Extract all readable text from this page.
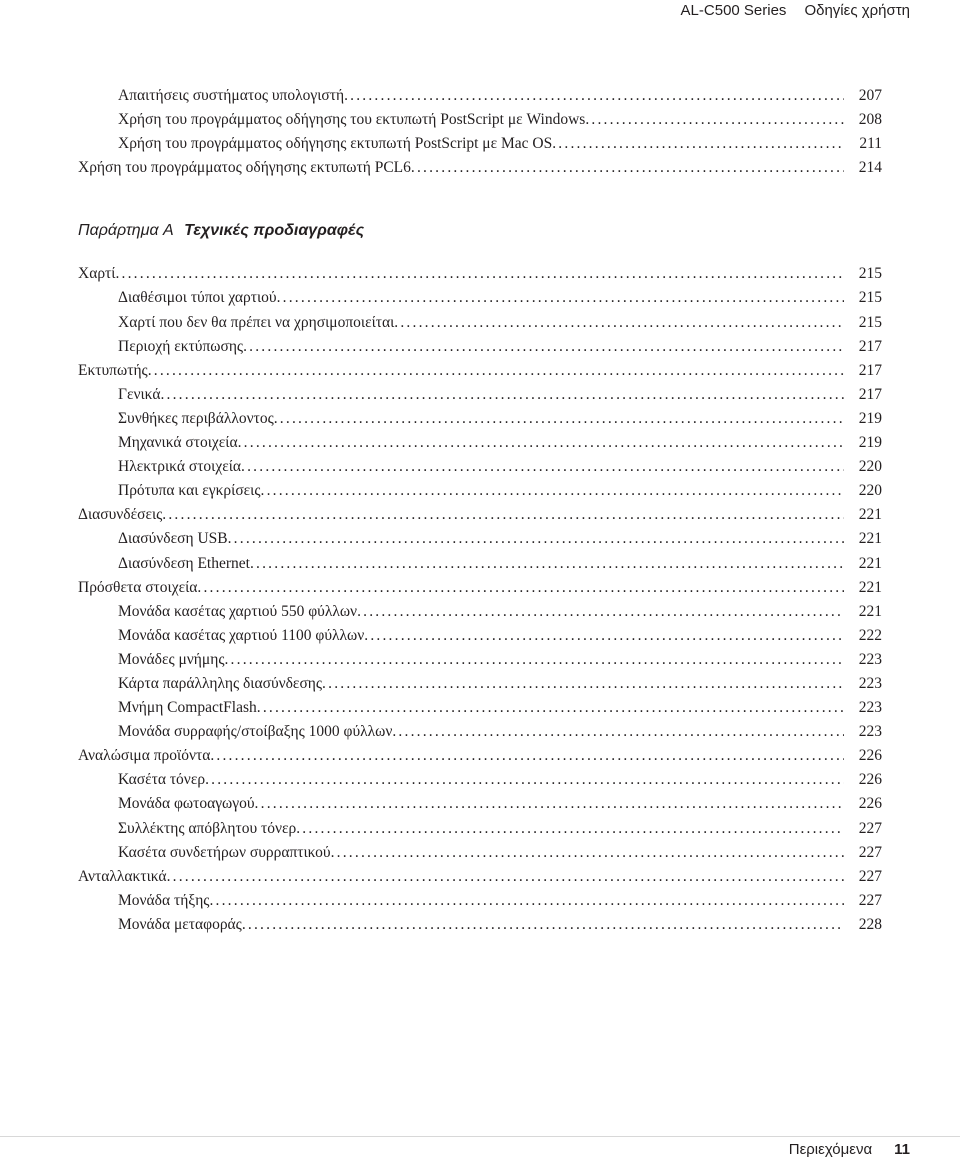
AL-C500 Series Οδηγίες χρήστη
Απαιτήσεις συστήματος υπολογιστή .....	207
Χρήση του προγράμματος οδήγησης του εκτυπωτή PostScript με Windows .....	208
Χρήση του προγράμματος οδήγησης εκτυπωτή PostScript με Mac OS .....	211
Χρήση του προγράμματος οδήγησης εκτυπωτή PCL6 .....	214
Παράρτημα A Τεχνικές προδιαγραφές
Χαρτί .....	215
Διαθέσιμοι τύποι χαρτιού .....	215
Χαρτί που δεν θα πρέπει να χρησιμοποιείται .....	215
Περιοχή εκτύπωσης .....	217
Εκτυπωτής .....	217
Γενικά .....	217
Συνθήκες περιβάλλοντος .....	219
Μηχανικά στοιχεία .....	219
Ηλεκτρικά στοιχεία .....	220
Πρότυπα και εγκρίσεις .....	220
Διασυνδέσεις .....	221
Διασύνδεση USB .....	221
Διασύνδεση Ethernet .....	221
Πρόσθετα στοιχεία .....	221
Μονάδα κασέτας χαρτιού 550 φύλλων .....	221
Μονάδα κασέτας χαρτιού 1100 φύλλων .....	222
Μονάδες μνήμης .....	223
Κάρτα παράλληλης διασύνδεσης .....	223
Μνήμη CompactFlash .....	223
Μονάδα συρραφής/στοίβαξης 1000 φύλλων .....	223
Αναλώσιμα προϊόντα .....	226
Κασέτα τόνερ .....	226
Μονάδα φωτοαγωγού .....	226
Συλλέκτης απόβλητου τόνερ .....	227
Κασέτα συνδετήρων συρραπτικού .....	227
Ανταλλακτικά .....	227
Μονάδα τήξης .....	227
Μονάδα μεταφοράς .....	228
Περιεχόμενα 11
